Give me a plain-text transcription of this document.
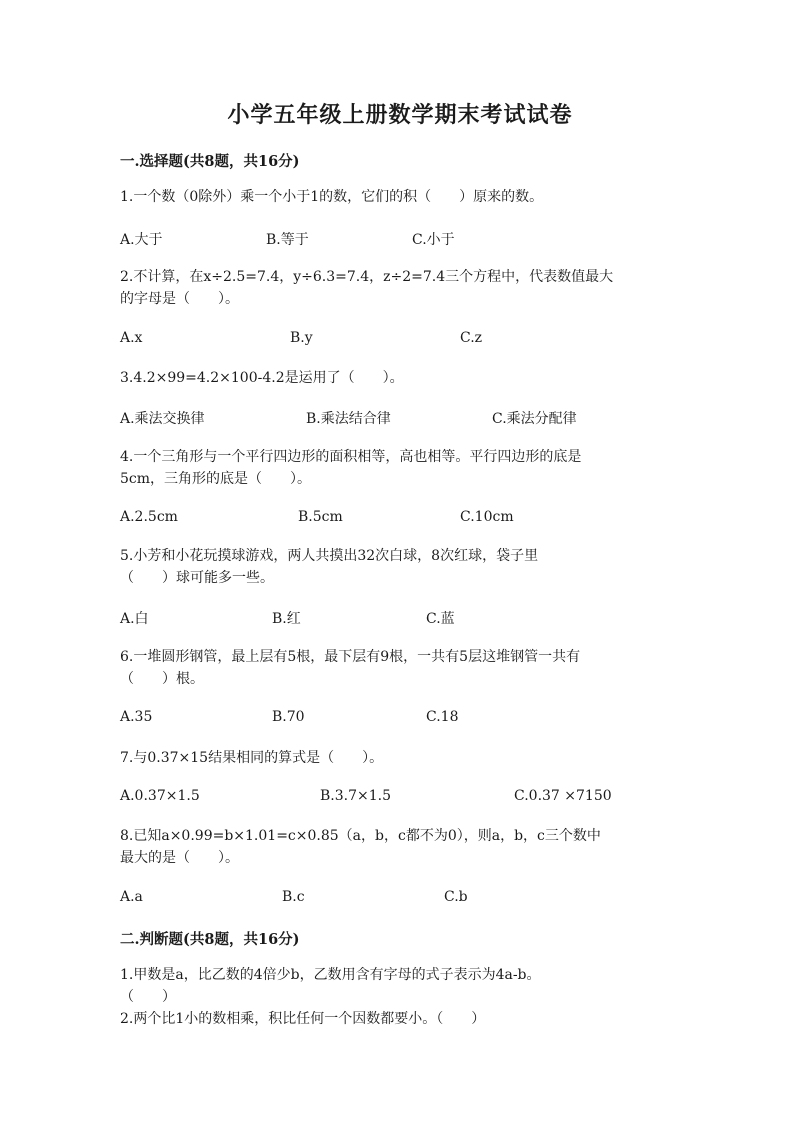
小学五年级上册数学期末考试试卷
一.选择题(共8题，共16分)
1.一个数（0除外）乘一个小于1的数，它们的积（　　）原来的数。
A.大于	B.等于	C.小于
2.不计算，在x÷2.5=7.4，y÷6.3=7.4，z÷2=7.4三个方程中，代表数值最大
的字母是（　　）。
A.x	B.y	C.z
3.4.2×99=4.2×100-4.2是运用了（　　）。
A.乘法交换律	B.乘法结合律	C.乘法分配律
4.一个三角形与一个平行四边形的面积相等，高也相等。平行四边形的底是
5cm，三角形的底是（　　）。
A.2.5cm	B.5cm	C.10cm
5.小芳和小花玩摸球游戏，两人共摸出32次白球，8次红球，袋子里
（　　）球可能多一些。
A.白	B.红	C.蓝
6.一堆圆形钢管，最上层有5根，最下层有9根，一共有5层这堆钢管一共有
（　　）根。
A.35	B.70	C.18
7.与0.37×15结果相同的算式是（　　）。
A.0.37×1.5	B.3.7×1.5	C.0.37 ×7150
8.已知a×0.99=b×1.01=c×0.85（a，b，c都不为0），则a，b，c三个数中
最大的是（　　）。
A.a	B.c	C.b
二.判断题(共8题，共16分)
1.甲数是a，比乙数的4倍少b，乙数用含有字母的式子表示为4a-b。
（　　）
2.两个比1小的数相乘，积比任何一个因数都要小。（　　）
